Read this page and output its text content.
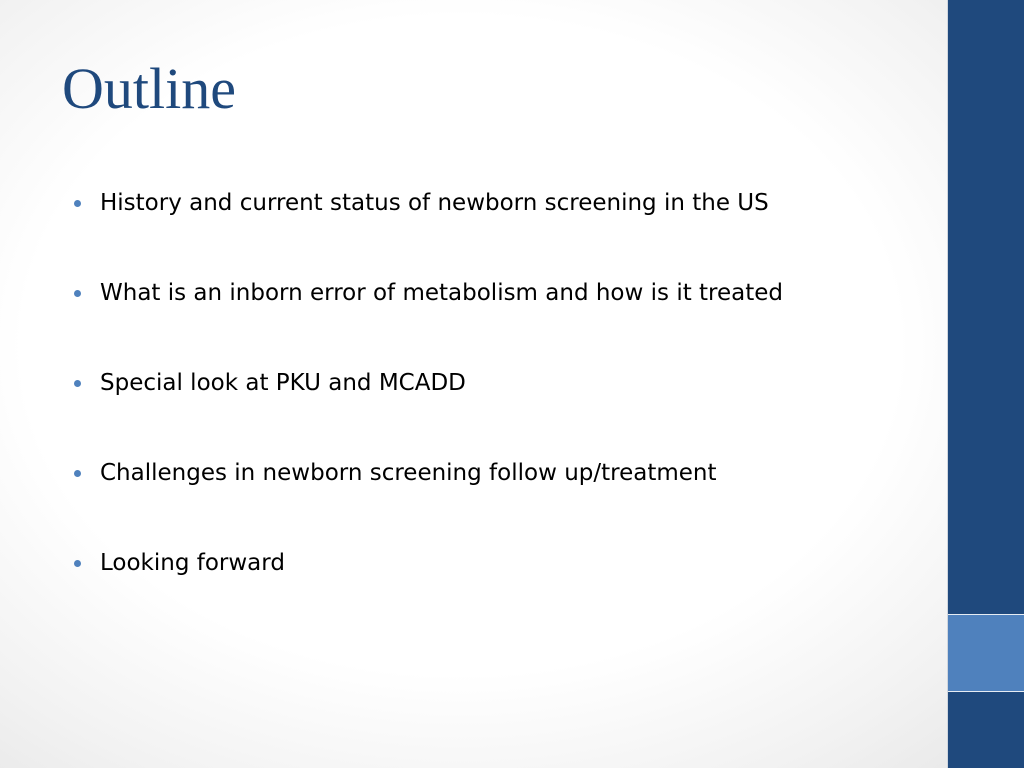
Outline
History and current status of newborn screening in the US
What is an inborn error of metabolism and how is it treated
Special look at PKU and MCADD
Challenges in newborn screening follow up/treatment
Looking forward
